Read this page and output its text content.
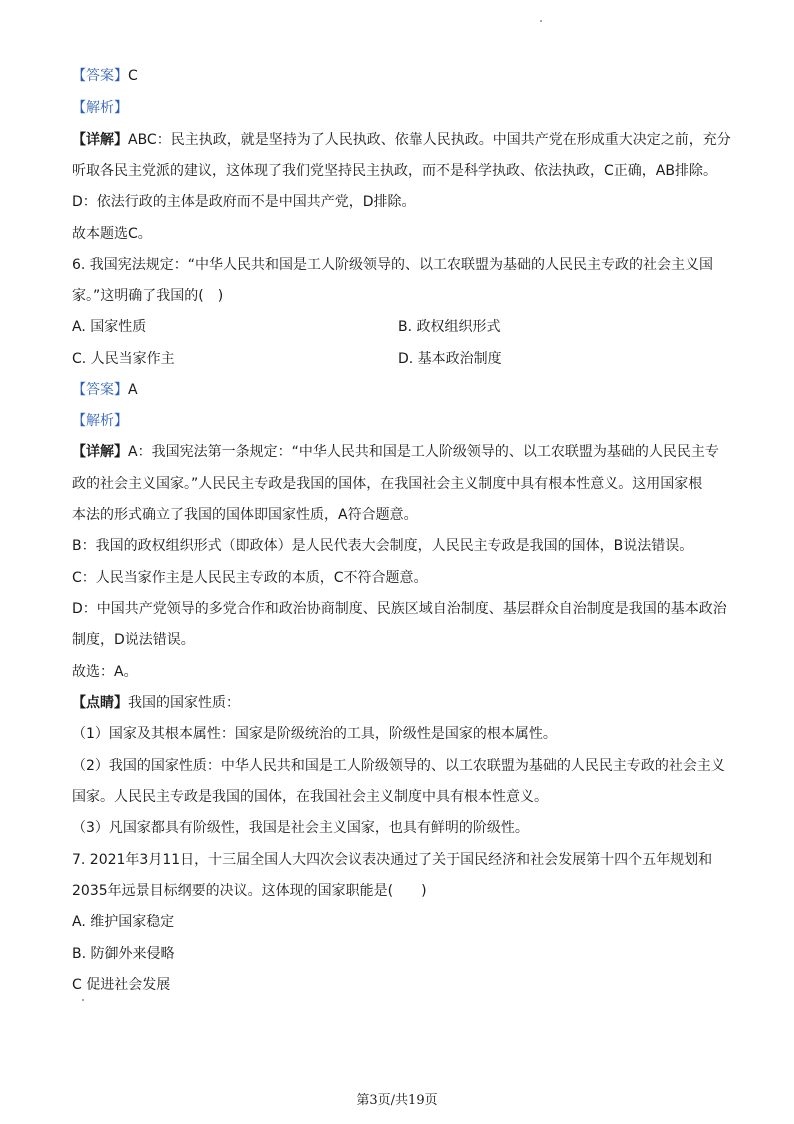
【答案】C
【解析】
【详解】ABC：民主执政，就是坚持为了人民执政、依靠人民执政。中国共产党在形成重大决定之前，充分
听取各民主党派的建议，这体现了我们党坚持民主执政，而不是科学执政、依法执政，C正确，AB排除。
D：依法行政的主体是政府而不是中国共产党，D排除。
故本题选C。
6. 我国宪法规定：“中华人民共和国是工人阶级领导的、以工农联盟为基础的人民民主专政的社会主义国
家。”这明确了我国的(　)
A. 国家性质	B. 政权组织形式
C. 人民当家作主	D. 基本政治制度
【答案】A
【解析】
【详解】A：我国宪法第一条规定：“中华人民共和国是工人阶级领导的、以工农联盟为基础的人民民主专
政的社会主义国家。”人民民主专政是我国的国体，在我国社会主义制度中具有根本性意义。这用国家根
本法的形式确立了我国的国体即国家性质，A符合题意。
B：我国的政权组织形式（即政体）是人民代表大会制度，人民民主专政是我国的国体，B说法错误。
C：人民当家作主是人民民主专政的本质，C不符合题意。
D：中国共产党领导的多党合作和政治协商制度、民族区域自治制度、基层群众自治制度是我国的基本政治
制度，D说法错误。
故选：A。
【点睛】我国的国家性质：
（1）国家及其根本属性：国家是阶级统治的工具，阶级性是国家的根本属性。
（2）我国的国家性质：中华人民共和国是工人阶级领导的、以工农联盟为基础的人民民主专政的社会主义
国家。人民民主专政是我国的国体，在我国社会主义制度中具有根本性意义。
（3）凡国家都具有阶级性，我国是社会主义国家，也具有鲜明的阶级性。
7. 2021年3月11日，十三届全国人大四次会议表决通过了关于国民经济和社会发展第十四个五年规划和
2035年远景目标纲要的决议。这体现的国家职能是(　　)
A. 维护国家稳定
B. 防御外来侵略
C 促进社会发展
第3页/共19页
